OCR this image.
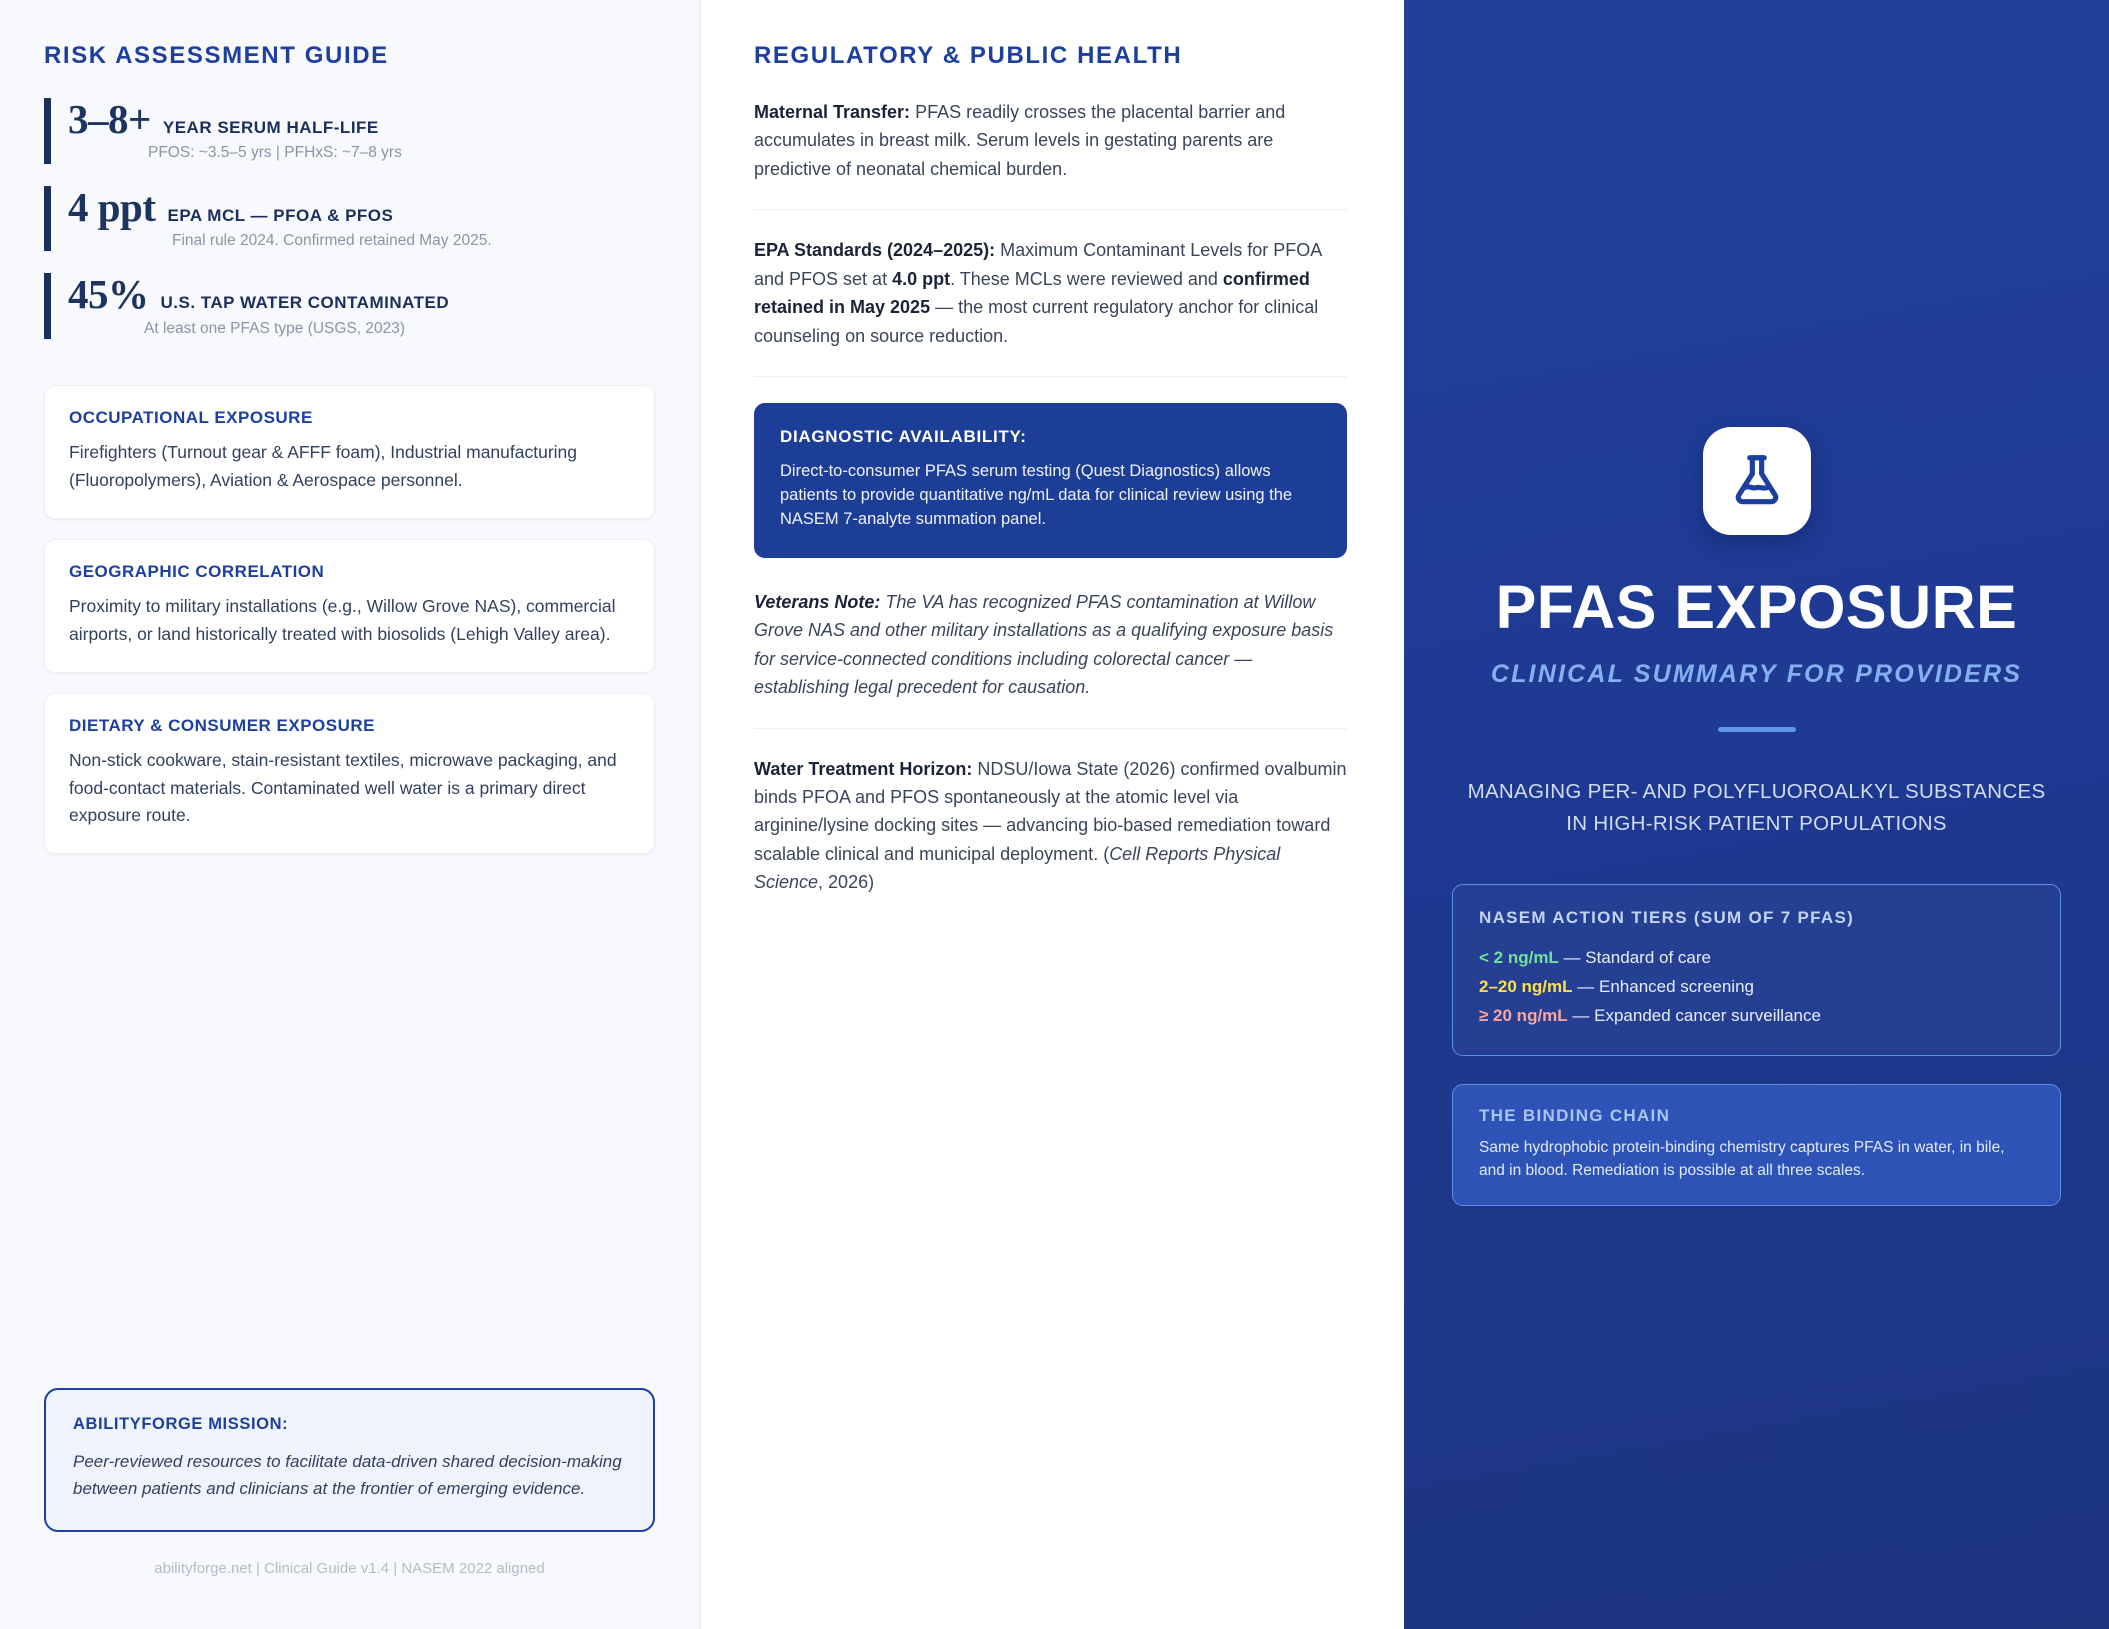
RISK ASSESSMENT GUIDE
3–8+ YEAR SERUM HALF-LIFE
PFOS: ~3.5–5 yrs | PFHxS: ~7–8 yrs
4 ppt EPA MCL — PFOA & PFOS
Final rule 2024. Confirmed retained May 2025.
45% U.S. TAP WATER CONTAMINATED
At least one PFAS type (USGS, 2023)
OCCUPATIONAL EXPOSURE
Firefighters (Turnout gear & AFFF foam), Industrial manufacturing (Fluoropolymers), Aviation & Aerospace personnel.
GEOGRAPHIC CORRELATION
Proximity to military installations (e.g., Willow Grove NAS), commercial airports, or land historically treated with biosolids (Lehigh Valley area).
DIETARY & CONSUMER EXPOSURE
Non-stick cookware, stain-resistant textiles, microwave packaging, and food-contact materials. Contaminated well water is a primary direct exposure route.
ABILITYFORGE MISSION:
Peer-reviewed resources to facilitate data-driven shared decision-making between patients and clinicians at the frontier of emerging evidence.
abilityforge.net | Clinical Guide v1.4 | NASEM 2022 aligned
REGULATORY & PUBLIC HEALTH

Maternal Transfer: PFAS readily crosses the placental barrier and accumulates in breast milk. Serum levels in gestating parents are predictive of neonatal chemical burden.

EPA Standards (2024–2025): Maximum Contaminant Levels for PFOA and PFOS set at 4.0 ppt. These MCLs were reviewed and confirmed retained in May 2025 — the most current regulatory anchor for clinical counseling on source reduction.

DIAGNOSTIC AVAILABILITY:
Direct-to-consumer PFAS serum testing (Quest Diagnostics) allows patients to provide quantitative ng/mL data for clinical review using the NASEM 7-analyte summation panel.

Veterans Note: The VA has recognized PFAS contamination at Willow Grove NAS and other military installations as a qualifying exposure basis for service-connected conditions including colorectal cancer — establishing legal precedent for causation.

Water Treatment Horizon: NDSU/Iowa State (2026) confirmed ovalbumin binds PFOA and PFOS spontaneously at the atomic level via arginine/lysine docking sites — advancing bio-based remediation toward scalable clinical and municipal deployment. (Cell Reports Physical Science, 2026)

PFAS EXPOSURE
CLINICAL SUMMARY FOR PROVIDERS
MANAGING PER- AND POLYFLUOROALKYL SUBSTANCES
IN HIGH-RISK PATIENT POPULATIONS
NASEM ACTION TIERS (SUM OF 7 PFAS)
< 2 ng/mL — Standard of care
2–20 ng/mL — Enhanced screening
≥ 20 ng/mL — Expanded cancer surveillance
THE BINDING CHAIN
Same hydrophobic protein-binding chemistry captures PFAS in water, in bile, and in blood. Remediation is possible at all three scales.
